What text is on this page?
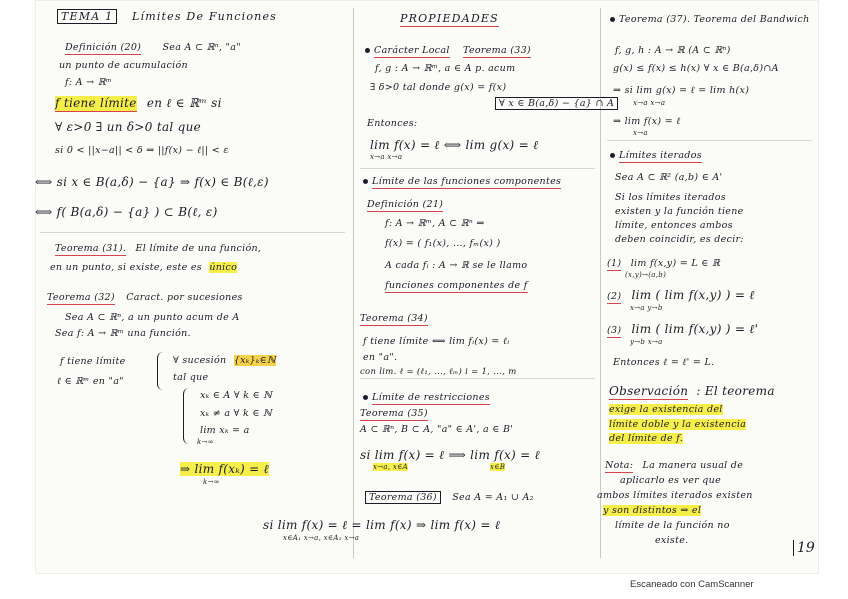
TEMA 1 Límites De Funciones
Definición (20) Sea A ⊂ ℝⁿ, "a"
un punto de acumulación
f: A → ℝᵐ
f tiene límite en ℓ ∈ ℝᵐ si
∀ ε>0 ∃ un δ>0 tal que
si 0 < ||x−a|| < δ ⇒ ||f(x) − ℓ|| < ε
⟺ si x ∈ B(a,δ) − {a} ⇒ f(x) ∈ B(ℓ,ε)
⟺ f( B(a,δ) − {a} ) ⊂ B(ℓ, ε)
Teorema (31). El límite de una función,
en un punto, si existe, este es único
Teorema (32) Caract. por sucesiones
Sea A ⊂ ℝⁿ, a un punto acum de A
Sea f: A → ℝᵐ una función.
f tiene límite
ℓ ∈ ℝᵐ en "a"
∀ sucesión {xₖ}ₖ∈ℕ
tal que
xₖ ∈ A ∀ k ∈ ℕ
xₖ ≠ a ∀ k ∈ ℕ
lim xₖ = a
k→∞
⇒ lim f(xₖ) = ℓ
k→∞
si lim f(x) = ℓ = lim f(x) ⇒ lim f(x) = ℓ
x∈A₁ x→a, x∈A₂ x→a
PROPIEDADES
Carácter Local Teorema (33)
f, g : A → ℝᵐ, a ∈ A p. acum
∃ δ>0 tal donde g(x) = f(x)
∀ x ∈ B(a,δ) − {a} ∩ A
Entonces:
lim f(x) = ℓ ⟺ lim g(x) = ℓ
x→a x→a
Límite de las funciones componentes
Definición (21)
f: A → ℝᵐ, A ⊂ ℝⁿ ⇒
f(x) = ( f₁(x), ..., fₘ(x) )
A cada fᵢ : A → ℝ se le llamo
funciones componentes de f
Teorema (34)
f tiene límite ⟺ lim fᵢ(x) = ℓᵢ
en "a".
con lim. ℓ = (ℓ₁, ..., ℓₘ) i = 1, ..., m
Límite de restricciones
Teorema (35)
A ⊂ ℝⁿ, B ⊂ A, "a" ∈ A', a ∈ B'
si lim f(x) = ℓ ⟹ lim f(x) = ℓ
x→a, x∈A	x∈B
Teorema (36) Sea A = A₁ ∪ A₂
Teorema (37). Teorema del Bandwich
f, g, h : A → ℝ (A ⊂ ℝⁿ)
g(x) ≤ f(x) ≤ h(x) ∀ x ∈ B(a,δ)∩A
⇒ si lim g(x) = ℓ = lim h(x)
x→a x→a
⇒ lim f(x) = ℓ
x→a
Límites iterados
Sea A ⊂ ℝ² (a,b) ∈ A'
Si los límites iterados
existen y la función tiene
límite, entonces ambos
deben coincidir, es decir:
(1) lim f(x,y) = L ∈ ℝ
(x,y)→(a,b)
(2) lim ( lim f(x,y) ) = ℓ
x→a y→b
(3) lim ( lim f(x,y) ) = ℓ'
y→b x→a
Entonces ℓ = ℓ' = L.
Observación : El teorema
exige la existencia del
límite doble y la existencia
del límite de f.
Nota: La manera usual de
aplicarlo es ver que
ambos límites iterados existen
y son distintos ⇒ el
límite de la función no
existe.	19
Escaneado con CamScanner
